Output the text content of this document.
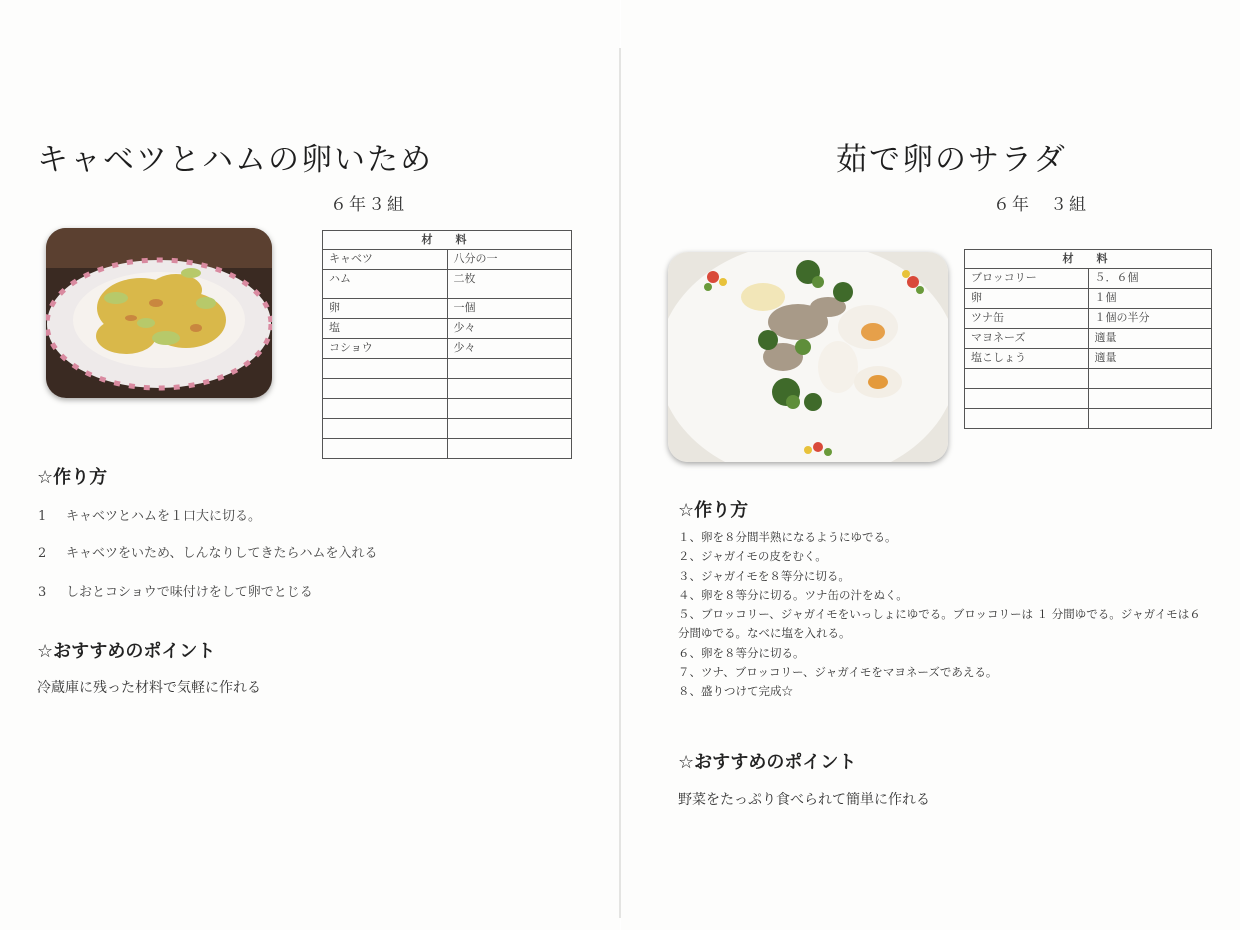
キャベツとハムの卵いため
６年３組
材　料	
キャベツ	八分の一
ハム	二枚
卵	一個
塩	少々
コショウ	少々

☆作り方
1 キャベツとハムを１口大に切る。
2 キャベツをいため、しんなりしてきたらハムを入れる
3 しおとコショウで味付けをして卵でとじる
☆おすすめのポイント
冷蔵庫に残った材料で気軽に作れる
茹で卵のサラダ
６年　３組
材　料	
ブロッコリー	５．６個
卵	１個
ツナ缶	１個の半分
マヨネーズ	適量
塩こしょう	適量

☆作り方
１、卵を８分間半熟になるようにゆでる。
２、ジャガイモの皮をむく。
３、ジャガイモを８等分に切る。
４、卵を８等分に切る。ツナ缶の汁をぬく。
５、ブロッコリー、ジャガイモをいっしょにゆでる。ブロッコリーは １ 分間ゆでる。ジャガイモは６分間ゆでる。なべに塩を入れる。
６、卵を８等分に切る。
７、ツナ、ブロッコリー、ジャガイモをマヨネーズであえる。
８、盛りつけて完成☆
☆おすすめのポイント
野菜をたっぷり食べられて簡単に作れる
